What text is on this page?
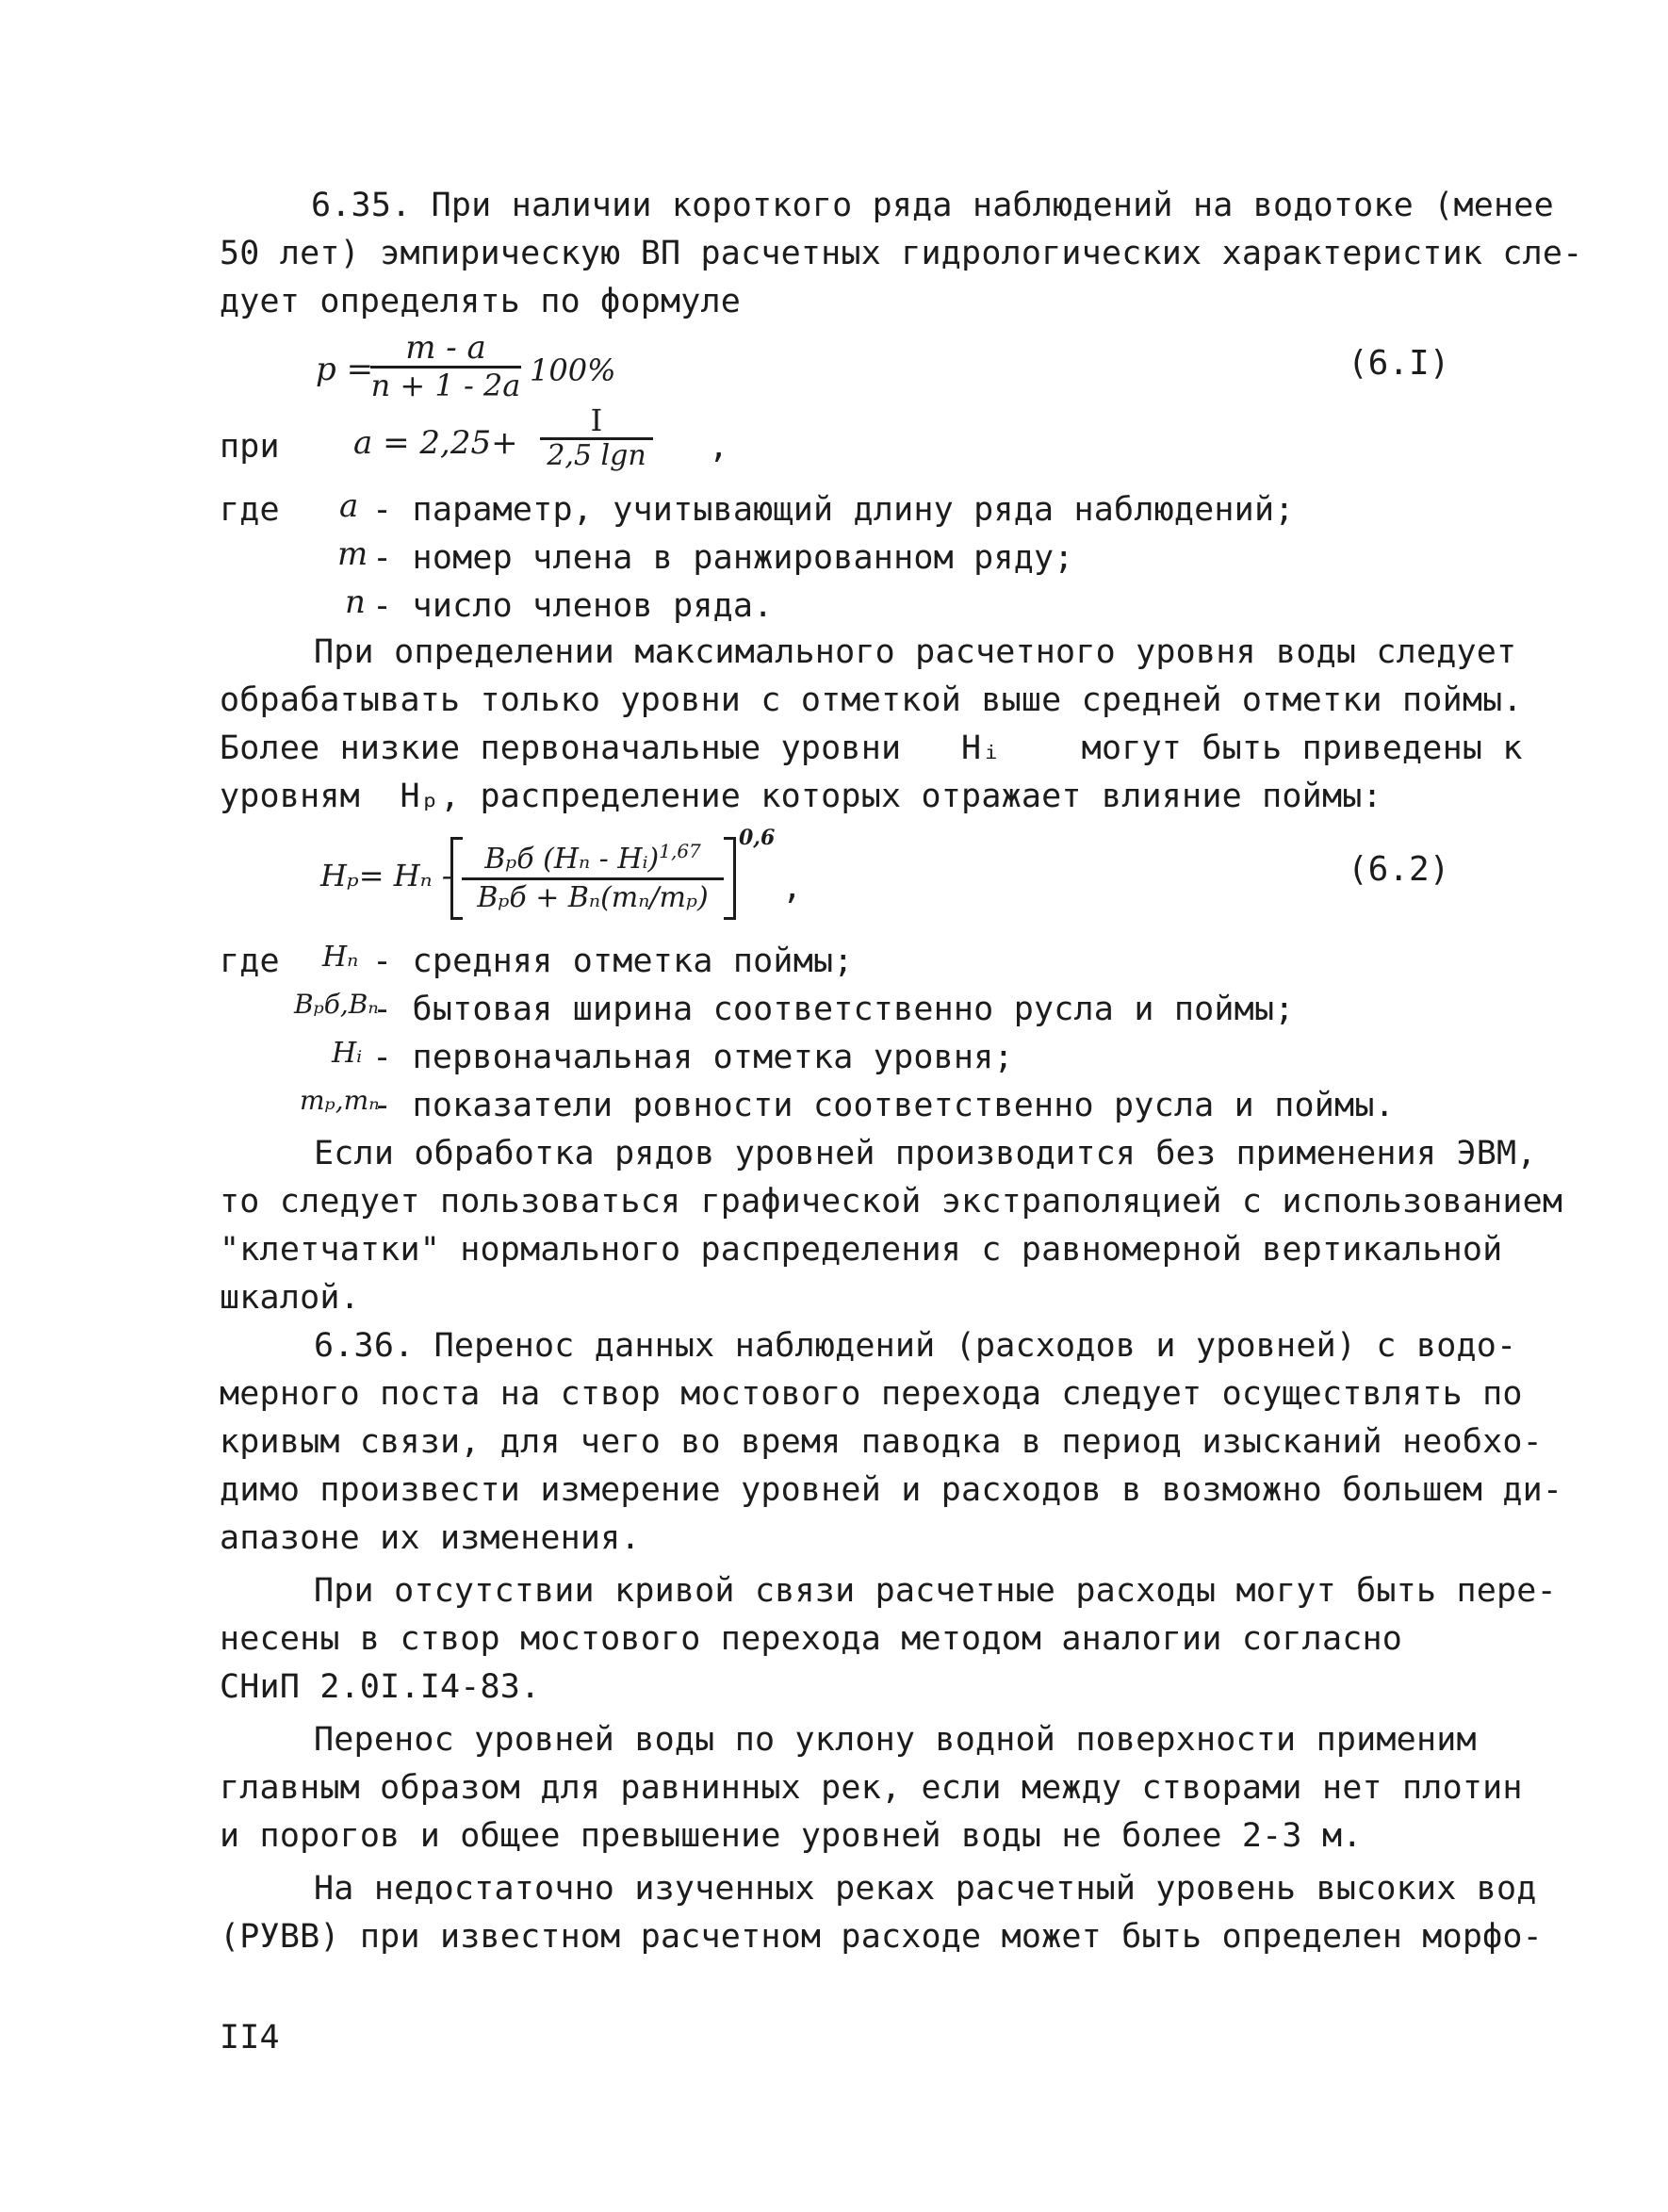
6.35. При наличии короткого ряда наблюдений на водотоке (менее
50 лет) эмпирическую ВП расчетных гидрологических характеристик сле-
дует определять по формуле
p =
m - a
n + 1 - 2a 100%	(6.I)
при a = 2,25+
I
2,5 lgn ,
где a - параметр, учитывающий длину ряда наблюдений;
m - номер члена в ранжированном ряду;
n - число членов ряда.
При определении максимального расчетного уровня воды следует
обрабатывать только уровни с отметкой выше средней отметки поймы.
Более низкие первоначальные уровни   Hᵢ    могут быть приведены к
уровням  Hₚ, распределение которых отражает влияние поймы:
Hₚ= Hₙ -	Bₚб (Hₙ - Hᵢ)$^{1,67}$
Bₚб + Bₙ(mₙ/mₚ)
0,6
,	(6.2)
где Hₙ - средняя отметка поймы;
Bₚб,Bₙ
- бытовая ширина соответственно русла и поймы;
Hᵢ - первоначальная отметка уровня;
mₚ,mₙ
- показатели ровности соответственно русла и поймы.
Если обработка рядов уровней производится без применения ЭВМ,
то следует пользоваться графической экстраполяцией с использованием
"клетчатки" нормального распределения с равномерной вертикальной
шкалой.
6.36. Перенос данных наблюдений (расходов и уровней) с водо-
мерного поста на створ мостового перехода следует осуществлять по
кривым связи, для чего во время паводка в период изысканий необхо-
димо произвести измерение уровней и расходов в возможно большем ди-
апазоне их изменения.
При отсутствии кривой связи расчетные расходы могут быть пере-
несены в створ мостового перехода методом аналогии согласно
СНиП 2.0I.I4-83.
Перенос уровней воды по уклону водной поверхности применим
главным образом для равнинных рек, если между створами нет плотин
и порогов и общее превышение уровней воды не более 2-3 м.
На недостаточно изученных реках расчетный уровень высоких вод
(РУВВ) при известном расчетном расходе может быть определен морфо-
II4
